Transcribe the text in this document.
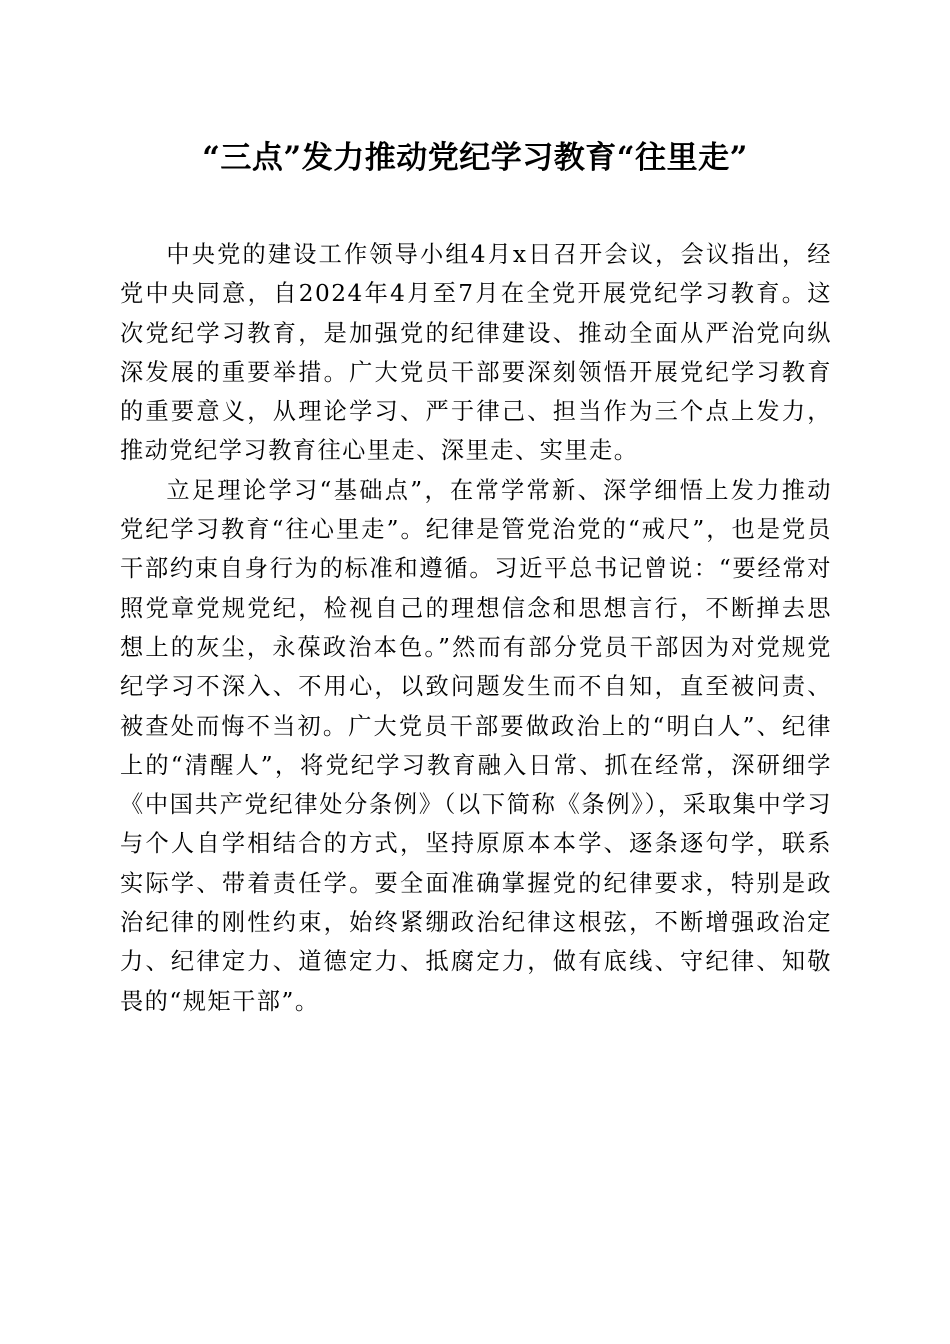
“三点”发力推动党纪学习教育“往里走”

中央党的建设工作领导小组4月x日召开会议，会议指出，经党中央同意，自2024年4月至7月在全党开展党纪学习教育。这次党纪学习教育，是加强党的纪律建设、推动全面从严治党向纵深发展的重要举措。广大党员干部要深刻领悟开展党纪学习教育的重要意义，从理论学习、严于律己、担当作为三个点上发力，推动党纪学习教育往心里走、深里走、实里走。

立足理论学习“基础点”，在常学常新、深学细悟上发力推动党纪学习教育“往心里走”。纪律是管党治党的“戒尺”，也是党员干部约束自身行为的标准和遵循。习近平总书记曾说：“要经常对照党章党规党纪，检视自己的理想信念和思想言行，不断掸去思想上的灰尘，永葆政治本色。”然而有部分党员干部因为对党规党纪学习不深入、不用心，以致问题发生而不自知，直至被问责、被查处而悔不当初。广大党员干部要做政治上的“明白人”、纪律上的“清醒人”，将党纪学习教育融入日常、抓在经常，深研细学《中国共产党纪律处分条例》（以下简称《条例》），采取集中学习与个人自学相结合的方式，坚持原原本本学、逐条逐句学，联系实际学、带着责任学。要全面准确掌握党的纪律要求，特别是政治纪律的刚性约束，始终紧绷政治纪律这根弦，不断增强政治定力、纪律定力、道德定力、抵腐定力，做有底线、守纪律、知敬畏的“规矩干部”。
